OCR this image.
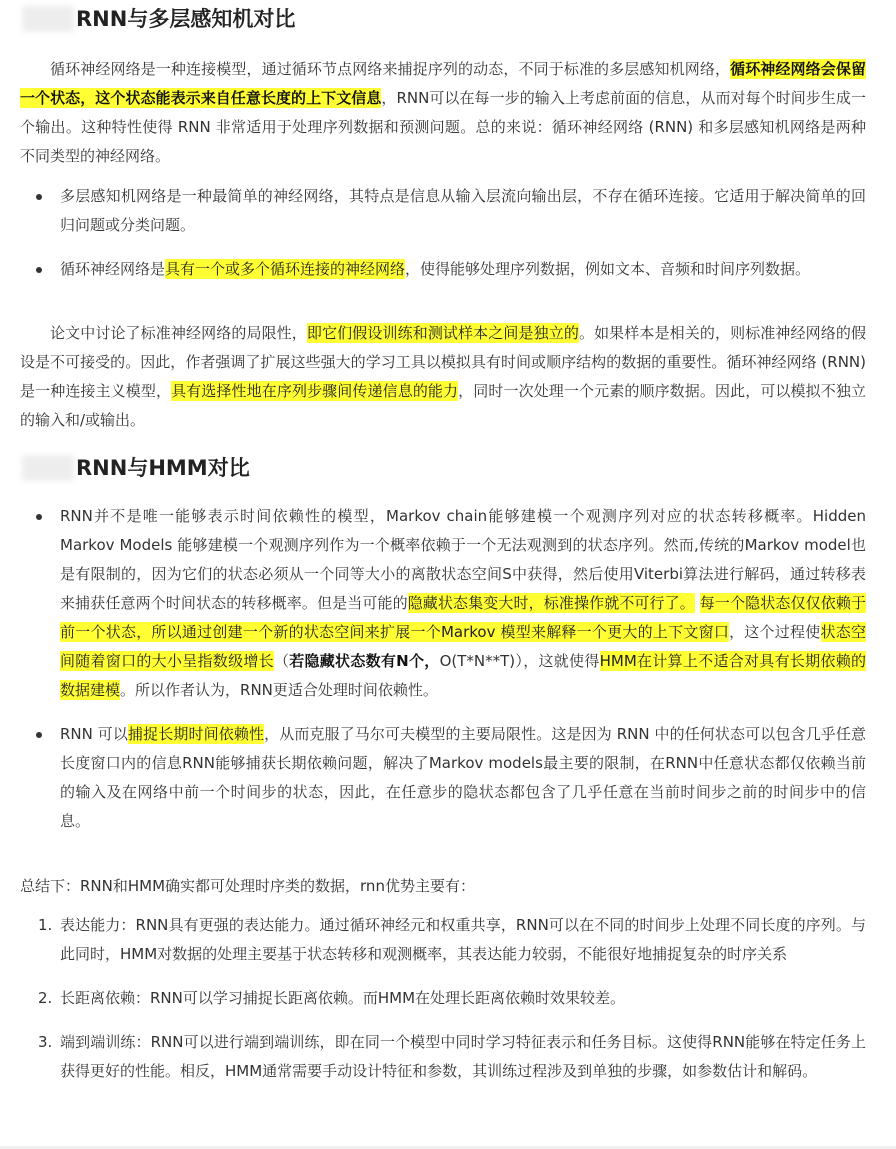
RNN与多层感知机对比

循环神经网络是一种连接模型，通过循环节点网络来捕捉序列的动态，不同于标准的多层感知机网络，循环神经网络会保留一个状态，这个状态能表示来自任意长度的上下文信息，RNN可以在每一步的输入上考虑前面的信息，从而对每个时间步生成一个输出。这种特性使得 RNN 非常适用于处理序列数据和预测问题。总的来说：循环神经网络 (RNN) 和多层感知机网络是两种不同类型的神经网络。

多层感知机网络是一种最简单的神经网络，其特点是信息从输入层流向输出层，不存在循环连接。它适用于解决简单的回归问题或分类问题。
循环神经网络是具有一个或多个循环连接的神经网络，使得能够处理序列数据，例如文本、音频和时间序列数据。

论文中讨论了标准神经网络的局限性，即它们假设训练和测试样本之间是独立的。如果样本是相关的，则标准神经网络的假设是不可接受的。因此，作者强调了扩展这些强大的学习工具以模拟具有时间或顺序结构的数据的重要性。循环神经网络 (RNN) 是一种连接主义模型，具有选择性地在序列步骤间传递信息的能力，同时一次处理一个元素的顺序数据。因此，可以模拟不独立的输入和/或输出。

RNN与HMM对比
RNN并不是唯一能够表示时间依赖性的模型，Markov chain能够建模一个观测序列对应的状态转移概率。Hidden Markov Models 能够建模一个观测序列作为一个概率依赖于一个无法观测到的状态序列。然而,传统的Markov model也是有限制的，因为它们的状态必须从一个同等大小的离散状态空间S中获得，然后使用Viterbi算法进行解码，通过转移表来捕获任意两个时间状态的转移概率。但是当可能的隐藏状态集变大时，标准操作就不可行了。 每一个隐状态仅仅依赖于前一个状态，所以通过创建一个新的状态空间来扩展一个Markov 模型来解释一个更大的上下文窗口，这个过程使状态空间随着窗口的大小呈指数级增长（若隐藏状态数有N个，O(T*N**T)），这就使得HMM在计算上不适合对具有长期依赖的数据建模。所以作者认为，RNN更适合处理时间依赖性。
RNN 可以捕捉长期时间依赖性，从而克服了马尔可夫模型的主要局限性。这是因为 RNN 中的任何状态可以包含几乎任意长度窗口内的信息RNN能够捕获长期依赖问题，解决了Markov models最主要的限制，在RNN中任意状态都仅依赖当前的输入及在网络中前一个时间步的状态，因此，在任意步的隐状态都包含了几乎任意在当前时间步之前的时间步中的信息。

总结下：RNN和HMM确实都可处理时序类的数据，rnn优势主要有：

1. 表达能力：RNN具有更强的表达能力。通过循环神经元和权重共享，RNN可以在不同的时间步上处理不同长度的序列。与此同时，HMM对数据的处理主要基于状态转移和观测概率，其表达能力较弱，不能很好地捕捉复杂的时序关系
2. 长距离依赖：RNN可以学习捕捉长距离依赖。而HMM在处理长距离依赖时效果较差。
3. 端到端训练：RNN可以进行端到端训练，即在同一个模型中同时学习特征表示和任务目标。这使得RNN能够在特定任务上获得更好的性能。相反，HMM通常需要手动设计特征和参数，其训练过程涉及到单独的步骤，如参数估计和解码。
